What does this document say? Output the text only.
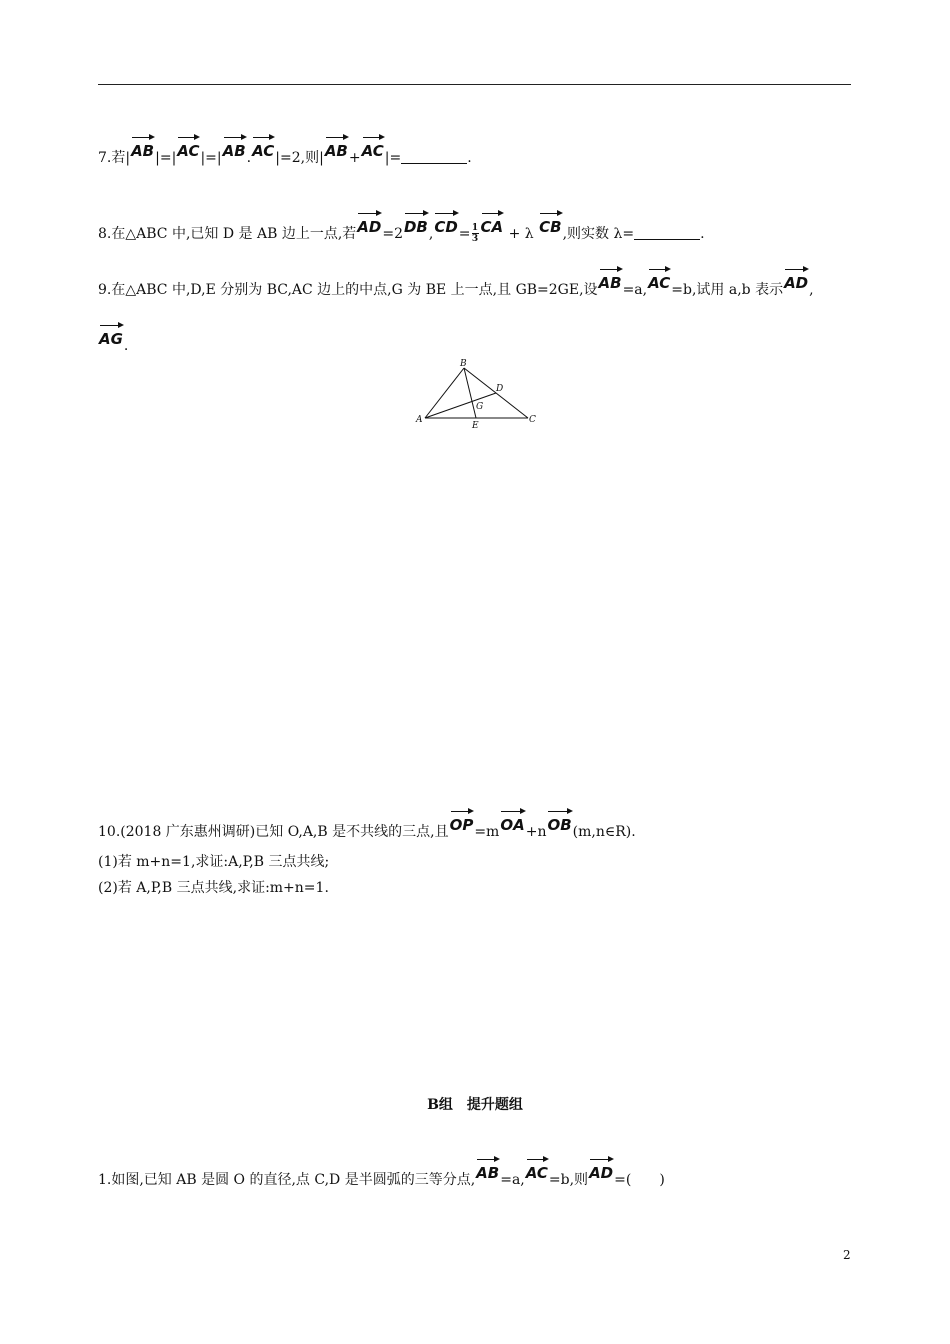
7.若|AB|=|AC|=|AB.AC|=2,则|AB+AC|=	.
8.在△ABC 中,已知 D 是 AB 边上一点,若$AD=2DB,CD= \frac{1}{3}$ CA + λ CB,则实数 λ=	.
9.在△ABC 中,D,E 分别为 BC,AC 边上的中点,G 为 BE 上一点,且 GB=2GE,设AB=a,AC=b,试用 a,b 表示AD,
AG.
A
B
C
D
E
G
10.(2018 广东惠州调研)已知 O,A,B 是不共线的三点,且OP=mOA+nOB(m,n∈R).
(1)若 m+n=1,求证:A,P,B 三点共线;
(2)若 A,P,B 三点共线,求证:m+n=1.
B组　提升题组
1.如图,已知 AB 是圆 O 的直径,点 C,D 是半圆弧的三等分点,AB=a,AC=b,则AD=(　　)
2
